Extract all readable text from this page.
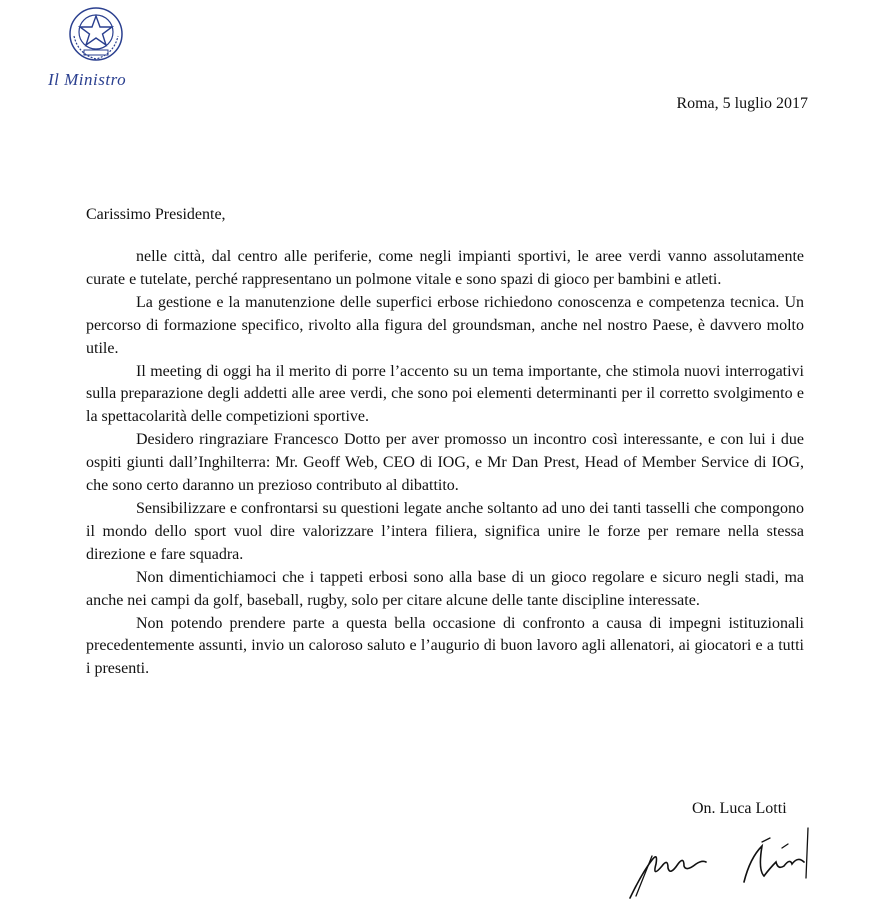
Il Ministro
Roma, 5 luglio 2017
Carissimo Presidente,

nelle città, dal centro alle periferie, come negli impianti sportivi, le aree verdi vanno assolutamente curate e tutelate, perché rappresentano un polmone vitale e sono spazi di gioco per bambini e atleti.

La gestione e la manutenzione delle superfici erbose richiedono conoscenza e competenza tecnica. Un percorso di formazione specifico, rivolto alla figura del groundsman, anche nel nostro Paese, è davvero molto utile.

Il meeting di oggi ha il merito di porre l’accento su un tema importante, che stimola nuovi interrogativi sulla preparazione degli addetti alle aree verdi, che sono poi elementi determinanti per il corretto svolgimento e la spettacolarità delle competizioni sportive.

Desidero ringraziare Francesco Dotto per aver promosso un incontro così interessante, e con lui i due ospiti giunti dall’Inghilterra: Mr. Geoff Web, CEO di IOG, e Mr Dan Prest, Head of Member Service di IOG, che sono certo daranno un prezioso contributo al dibattito.

Sensibilizzare e confrontarsi su questioni legate anche soltanto ad uno dei tanti tasselli che compongono il mondo dello sport vuol dire valorizzare l’intera filiera, significa unire le forze per remare nella stessa direzione e fare squadra.

Non dimentichiamoci che i tappeti erbosi sono alla base di un gioco regolare e sicuro negli stadi, ma anche nei campi da golf, baseball, rugby, solo per citare alcune delle tante discipline interessate.

Non potendo prendere parte a questa bella occasione di confronto a causa di impegni istituzionali precedentemente assunti, invio un caloroso saluto e l’augurio di buon lavoro agli allenatori, ai giocatori e a tutti i presenti.

On. Luca Lotti
